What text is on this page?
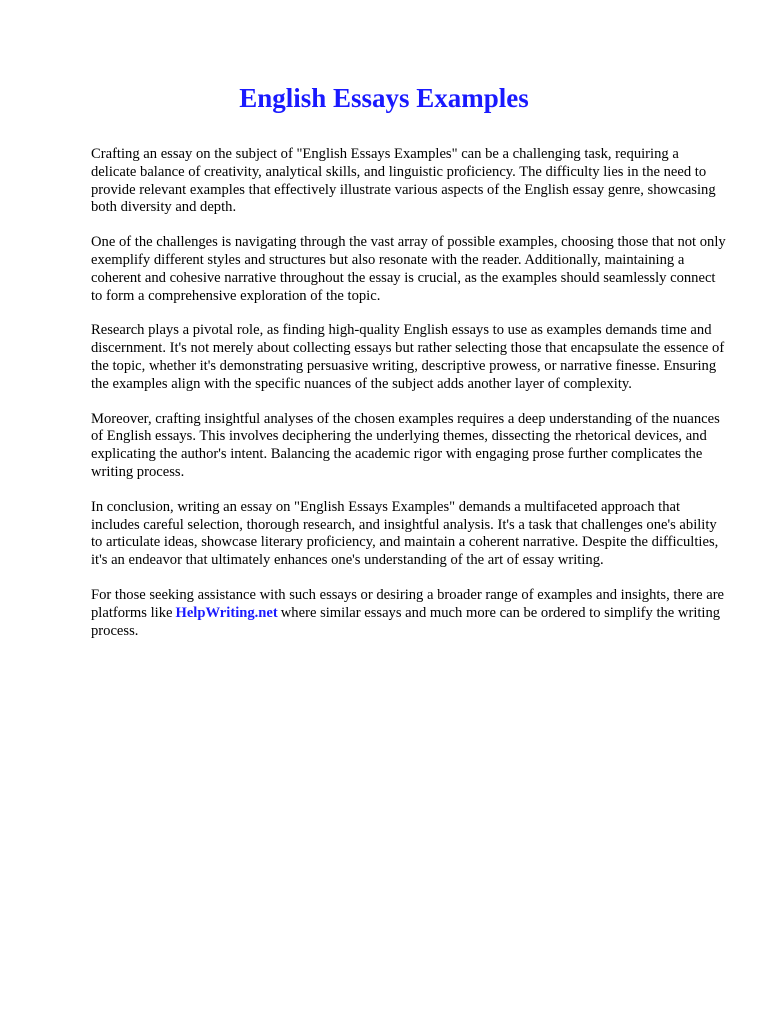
English Essays Examples

Crafting an essay on the subject of "English Essays Examples" can be a challenging task, requiring a delicate balance of creativity, analytical skills, and linguistic proficiency. The difficulty lies in the need to provide relevant examples that effectively illustrate various aspects of the English essay genre, showcasing both diversity and depth.

One of the challenges is navigating through the vast array of possible examples, choosing those that not only exemplify different styles and structures but also resonate with the reader. Additionally, maintaining a coherent and cohesive narrative throughout the essay is crucial, as the examples should seamlessly connect to form a comprehensive exploration of the topic.

Research plays a pivotal role, as finding high-quality English essays to use as examples demands time and discernment. It's not merely about collecting essays but rather selecting those that encapsulate the essence of the topic, whether it's demonstrating persuasive writing, descriptive prowess, or narrative finesse. Ensuring the examples align with the specific nuances of the subject adds another layer of complexity.

Moreover, crafting insightful analyses of the chosen examples requires a deep understanding of the nuances of English essays. This involves deciphering the underlying themes, dissecting the rhetorical devices, and explicating the author's intent. Balancing the academic rigor with engaging prose further complicates the writing process.

In conclusion, writing an essay on "English Essays Examples" demands a multifaceted approach that includes careful selection, thorough research, and insightful analysis. It's a task that challenges one's ability to articulate ideas, showcase literary proficiency, and maintain a coherent narrative. Despite the difficulties, it's an endeavor that ultimately enhances one's understanding of the art of essay writing.

For those seeking assistance with such essays or desiring a broader range of examples and insights, there are platforms like HelpWriting.net where similar essays and much more can be ordered to simplify the writing process.
